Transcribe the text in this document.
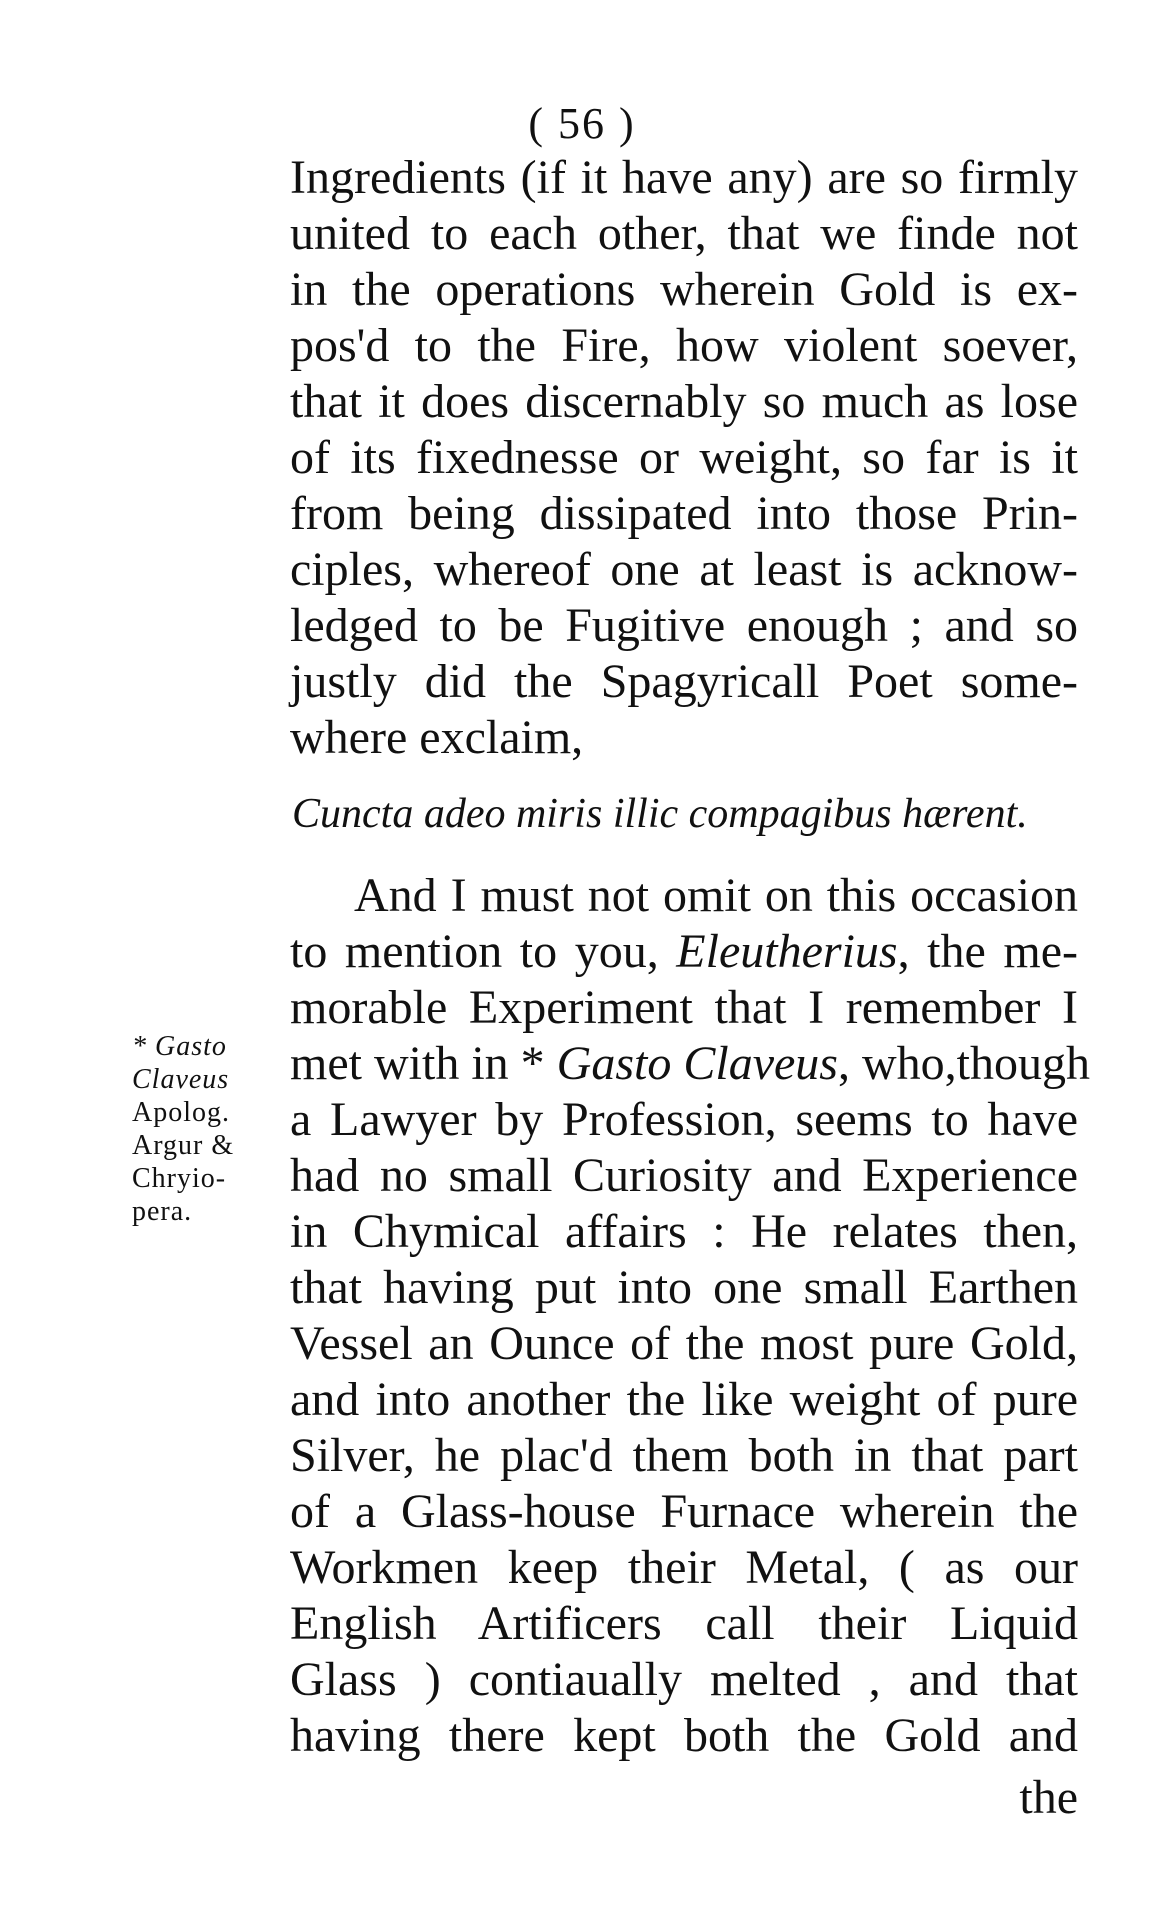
( 56 )
Ingredients (if it have any) are so firmly
united to each other, that we finde not
in the operations wherein Gold is ex-
pos'd to the Fire, how violent soever,
that it does discernably so much as lose
of its fixednesse or weight, so far is it
from being dissipated into those Prin-
ciples, whereof one at least is acknow-
ledged to be Fugitive enough ; and so
justly did the Spagyricall Poet some-
where exclaim,
Cuncta adeo miris illic compagibus hærent.
And I must not omit on this occasion
to mention to you, Eleutherius, the me-
morable Experiment that I remember I
met with in * Gasto Claveus, who,though
a Lawyer by Profession, seems to have
had no small Curiosity and Experience
in Chymical affairs : He relates then,
that having put into one small Earthen
Vessel an Ounce of the most pure Gold,
and into another the like weight of pure
Silver, he plac'd them both in that part
of a Glass-house Furnace wherein the
Workmen keep their Metal, ( as our
English Artificers call their Liquid
Glass ) contiaually melted , and that
having there kept both the Gold and
the
* Gasto
Claveus
Apolog.
Argur &
Chryio-
pera.
